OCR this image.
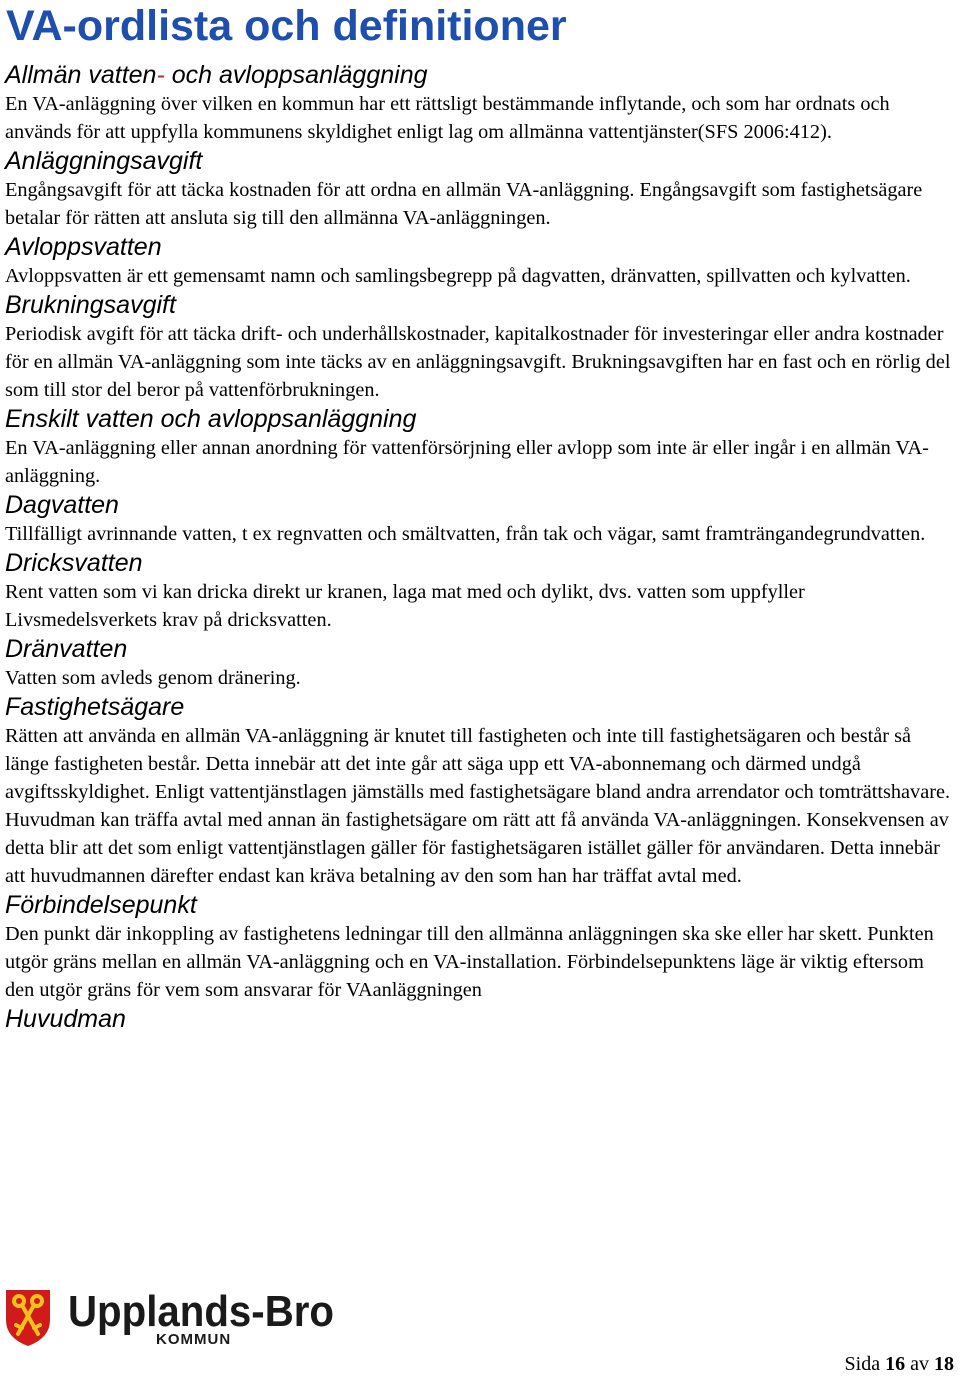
VA-ordlista och definitioner
Allmän vatten- och avloppsanläggning

En VA-anläggning över vilken en kommun har ett rättsligt bestämmande inflytande, och som har ordnats och används för att uppfylla kommunens skyldighet enligt lag om allmänna vattentjänster(SFS 2006:412).

Anläggningsavgift

Engångsavgift för att täcka kostnaden för att ordna en allmän VA-anläggning. Engångsavgift som fastighetsägare betalar för rätten att ansluta sig till den allmänna VA-anläggningen.

Avloppsvatten

Avloppsvatten är ett gemensamt namn och samlingsbegrepp på dagvatten, dränvatten, spillvatten och kylvatten.

Brukningsavgift

Periodisk avgift för att täcka drift- och underhållskostnader, kapitalkostnader för investeringar eller andra kostnader för en allmän VA-anläggning som inte täcks av en anläggningsavgift. Brukningsavgiften har en fast och en rörlig del som till stor del beror på vattenförbrukningen.

Enskilt vatten och avloppsanläggning

En VA-anläggning eller annan anordning för vattenförsörjning eller avlopp som inte är eller ingår i en allmän VA-anläggning.

Dagvatten

Tillfälligt avrinnande vatten, t ex regnvatten och smältvatten, från tak och vägar, samt framträngandegrundvatten.

Dricksvatten

Rent vatten som vi kan dricka direkt ur kranen, laga mat med och dylikt, dvs. vatten som uppfyller Livsmedelsverkets krav på dricksvatten.

Dränvatten

Vatten som avleds genom dränering.

Fastighetsägare

Rätten att använda en allmän VA-anläggning är knutet till fastigheten och inte till fastighetsägaren och består så länge fastigheten består. Detta innebär att det inte går att säga upp ett VA-abonnemang och därmed undgå avgiftsskyldighet. Enligt vattentjänstlagen jämställs med fastighetsägare bland andra arrendator och tomträttshavare.

Huvudman kan träffa avtal med annan än fastighetsägare om rätt att få använda VA-anläggningen. Konsekvensen av detta blir att det som enligt vattentjänstlagen gäller för fastighetsägaren istället gäller för användaren. Detta innebär att huvudmannen därefter endast kan kräva betalning av den som han har träffat avtal med.

Förbindelsepunkt

Den punkt där inkoppling av fastighetens ledningar till den allmänna anläggningen ska ske eller har skett. Punkten utgör gräns mellan en allmän VA-anläggning och en VA-installation. Förbindelsepunktens läge är viktig eftersom den utgör gräns för vem som ansvarar för VAanläggningen

Huvudman
Upplands-Bro
KOMMUN
Sida 16 av 18
